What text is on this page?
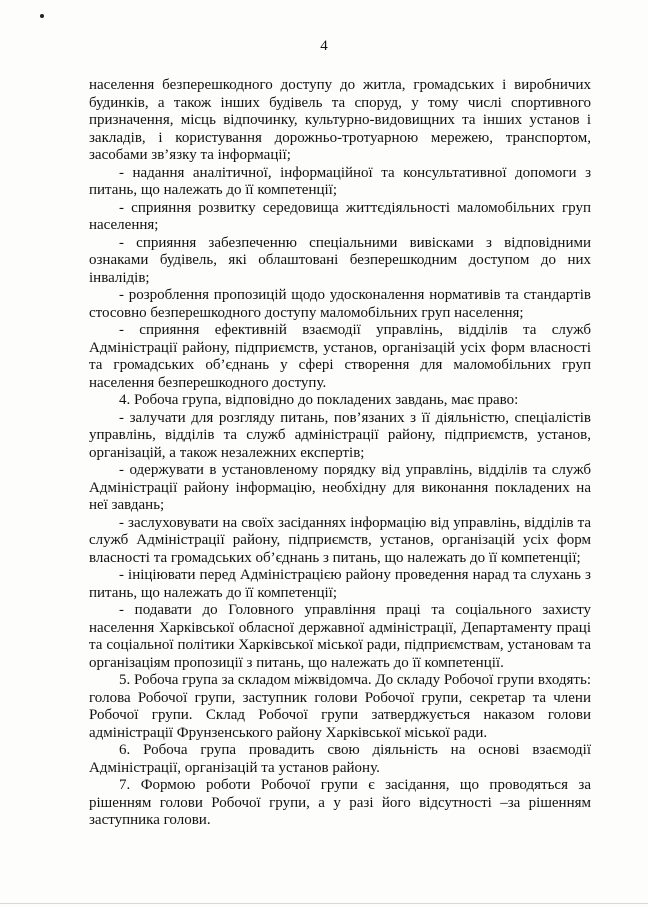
4

населення безперешкодного доступу до житла, громадських і виробничих будинків, а також інших будівель та споруд, у тому числі спортивного призначення, місць відпочинку, культурно-видовищних та інших установ і закладів, і користування дорожньо-тротуарною мережею, транспортом, засобами зв’язку та інформації;

- надання аналітичної, інформаційної та консультативної допомоги з питань, що належать до її компетенції;

- сприяння розвитку середовища життєдіяльності маломобільних груп населення;

- сприяння забезпеченню спеціальними вивісками з відповідними ознаками будівель, які облаштовані безперешкодним доступом до них інвалідів;

- розроблення пропозицій щодо удосконалення нормативів та стандартів стосовно безперешкодного доступу маломобільних груп населення;

- сприяння ефективній взаємодії управлінь, відділів та служб Адміністрації району, підприємств, установ, організацій усіх форм власності та громадських об’єднань у сфері створення для маломобільних груп населення безперешкодного доступу.

4. Робоча група, відповідно до покладених завдань, має право:

- залучати для розгляду питань, пов’язаних з її діяльністю, спеціалістів управлінь, відділів та служб адміністрації району, підприємств, установ, організацій, а також незалежних експертів;

- одержувати в установленому порядку від управлінь, відділів та служб Адміністрації району інформацію, необхідну для виконання покладених на неї завдань;

- заслуховувати на своїх засіданнях інформацію від управлінь, відділів та служб Адміністрації району, підприємств, установ, організацій усіх форм власності та громадських об’єднань з питань, що належать до її компетенції;

- ініціювати перед Адміністрацією району проведення нарад та слухань з питань, що належать до її компетенції;

- подавати до Головного управління праці та соціального захисту населення Харківської обласної державної адміністрації, Департаменту праці та соціальної політики Харківської міської ради, підприємствам, установам та організаціям пропозиції з питань, що належать до її компетенції.

5. Робоча група за складом міжвідомча. До складу Робочої групи входять: голова Робочої групи, заступник голови Робочої групи, секретар та члени Робочої групи. Склад Робочої групи затверджується наказом голови адміністрації Фрунзенського району Харківської міської ради.

6. Робоча група провадить свою діяльність на основі взаємодії Адміністрації, організацій та установ району.

7. Формою роботи Робочої групи є засідання, що проводяться за рішенням голови Робочої групи, а у разі його відсутності –за рішенням заступника голови.
